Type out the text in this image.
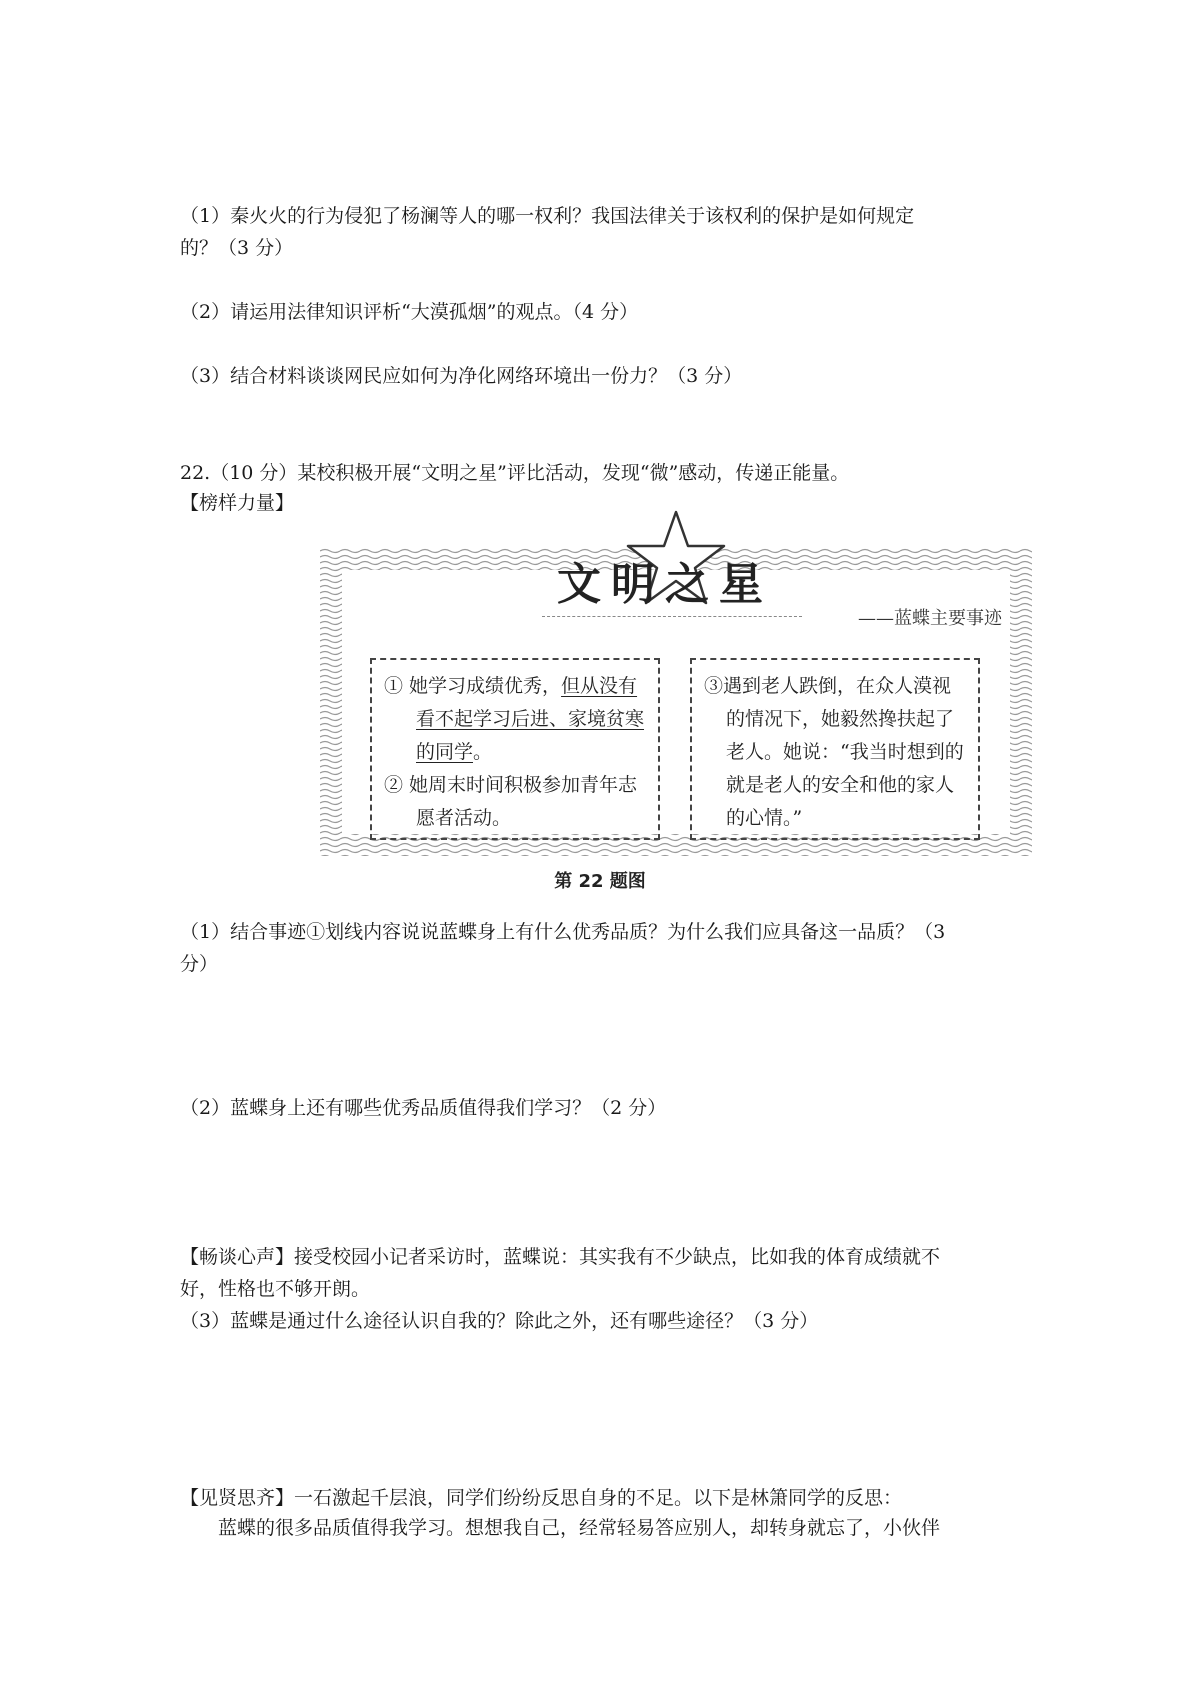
（1）秦火火的行为侵犯了杨澜等人的哪一权利？我国法律关于该权利的保护是如何规定
的？（3 分）
（2）请运用法律知识评析“大漠孤烟”的观点。（4 分）
（3）结合材料谈谈网民应如何为净化网络环境出一份力？（3 分）
22.（10 分）某校积极开展“文明之星”评比活动，发现“微”感动，传递正能量。
【榜样力量】
文明之星
——蓝蝶主要事迹

① 她学习成绩优秀，但从没有看不起学习后进、家境贫寒的同学。

② 她周末时间积极参加青年志愿者活动。

③遇到老人跌倒，在众人漠视的情况下，她毅然搀扶起了老人。她说：“我当时想到的就是老人的安全和他的家人的心情。”

第 22 题图
（1）结合事迹①划线内容说说蓝蝶身上有什么优秀品质？为什么我们应具备这一品质？（3
分）
（2）蓝蝶身上还有哪些优秀品质值得我们学习？（2 分）
【畅谈心声】接受校园小记者采访时，蓝蝶说：其实我有不少缺点，比如我的体育成绩就不
好，性格也不够开朗。
（3）蓝蝶是通过什么途径认识自我的？除此之外，还有哪些途径？（3 分）
【见贤思齐】一石激起千层浪，同学们纷纷反思自身的不足。以下是林箫同学的反思：
蓝蝶的很多品质值得我学习。想想我自己，经常轻易答应别人，却转身就忘了，小伙伴
